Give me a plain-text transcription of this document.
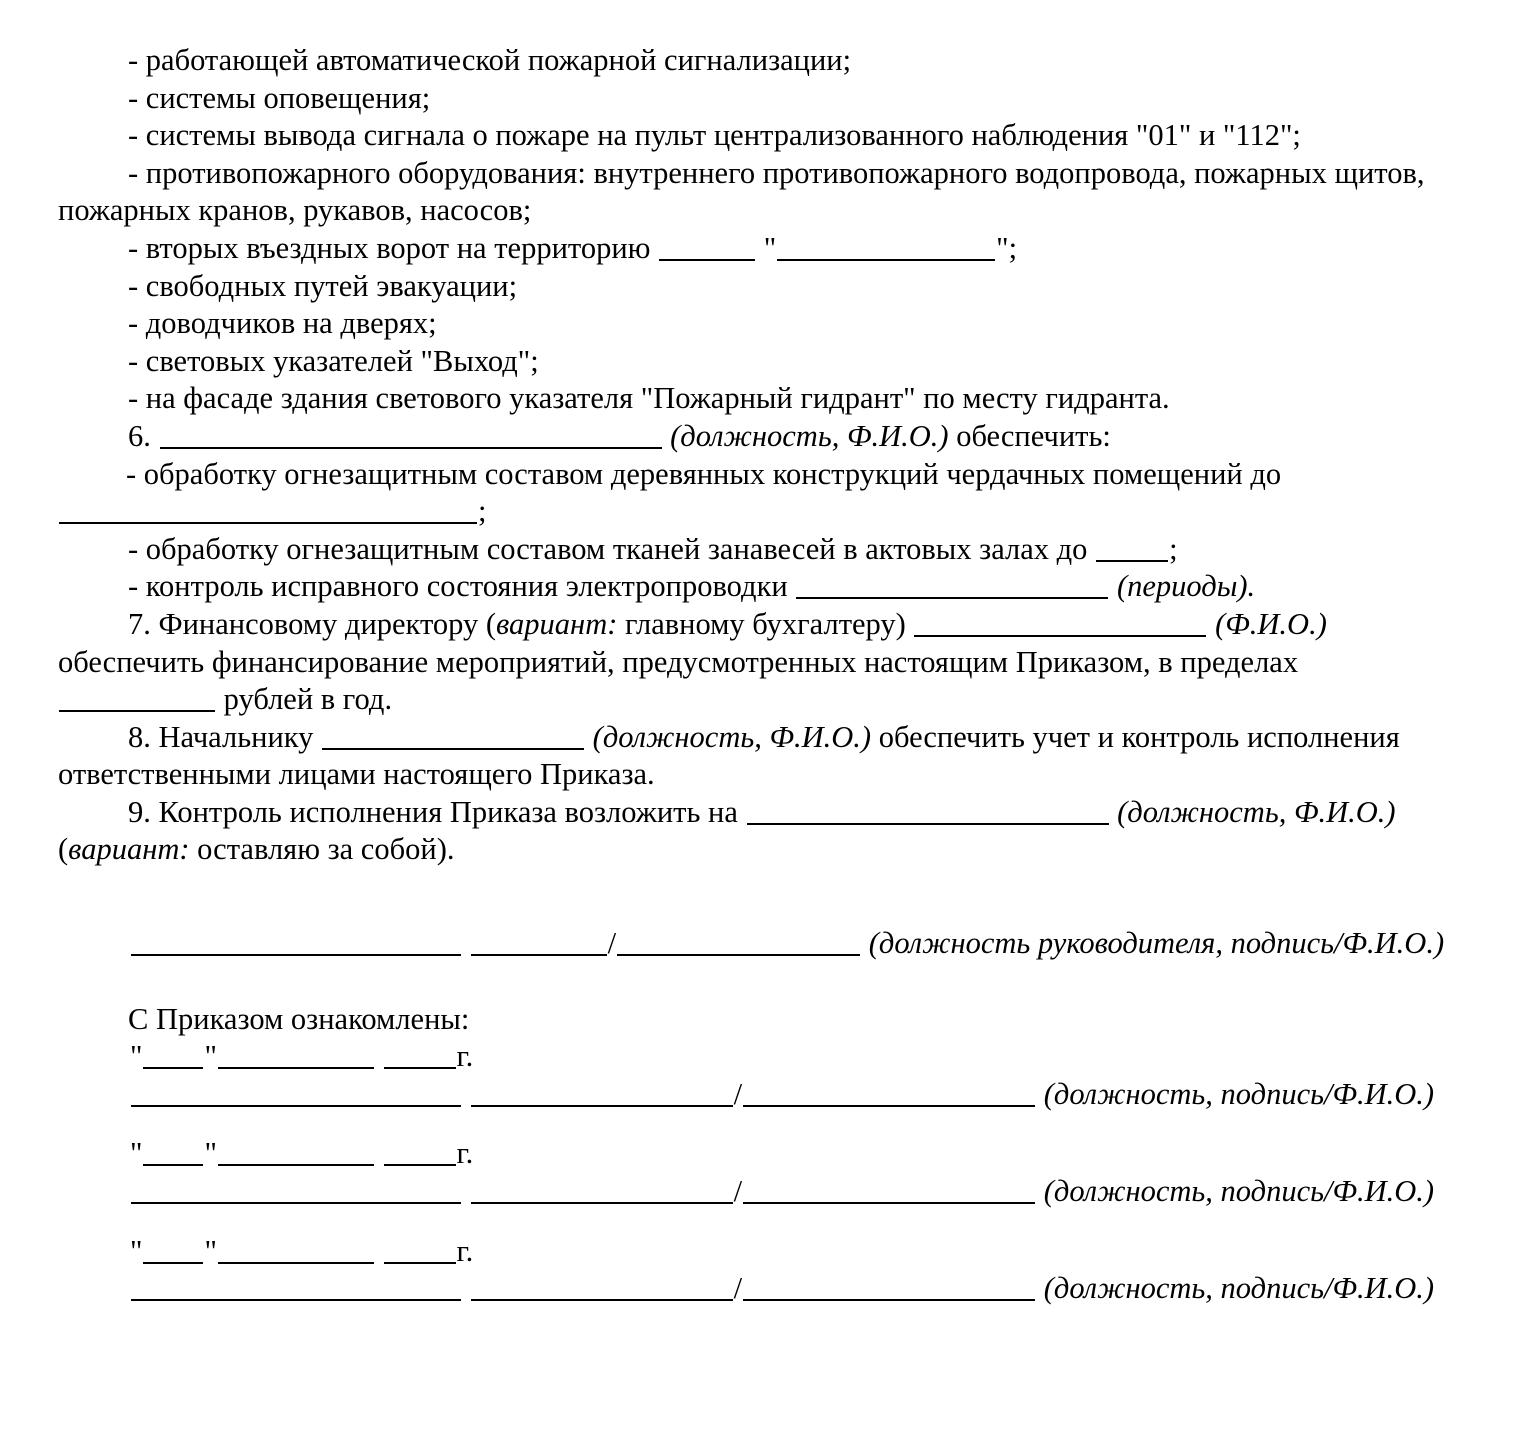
- работающей автоматической пожарной сигнализации;

- системы оповещения;

- системы вывода сигнала о пожаре на пульт централизованного наблюдения "01" и "112";

- противопожарного оборудования: внутреннего противопожарного водопровода, пожарных щитов,

пожарных кранов, рукавов, насосов;

- вторых въездных ворот на территорию	"	";

- свободных путей эвакуации;

- доводчиков на дверях;

- световых указателей "Выход";

- на фасаде здания светового указателя "Пожарный гидрант" по месту гидранта.

6.	(должность, Ф.И.О.) обеспечить:

- обработку огнезащитным составом деревянных конструкций чердачных помещений до

;

- обработку огнезащитным составом тканей занавесей в актовых залах до	;

- контроль исправного состояния электропроводки	(периоды).

7. Финансовому директору (вариант: главному бухгалтеру)	(Ф.И.О.)

обеспечить финансирование мероприятий, предусмотренных настоящим Приказом, в пределах

рублей в год.

8. Начальнику	(должность, Ф.И.О.) обеспечить учет и контроль исполнения

ответственными лицами настоящего Приказа.

9. Контроль исполнения Приказа возложить на	(должность, Ф.И.О.)

(вариант: оставляю за собой).

/	(должность руководителя, подпись/Ф.И.О.)

С Приказом ознакомлены:

" "	г.
/	(должность, подпись/Ф.И.О.)
" "	г.
/	(должность, подпись/Ф.И.О.)
" "	г.
/	(должность, подпись/Ф.И.О.)
